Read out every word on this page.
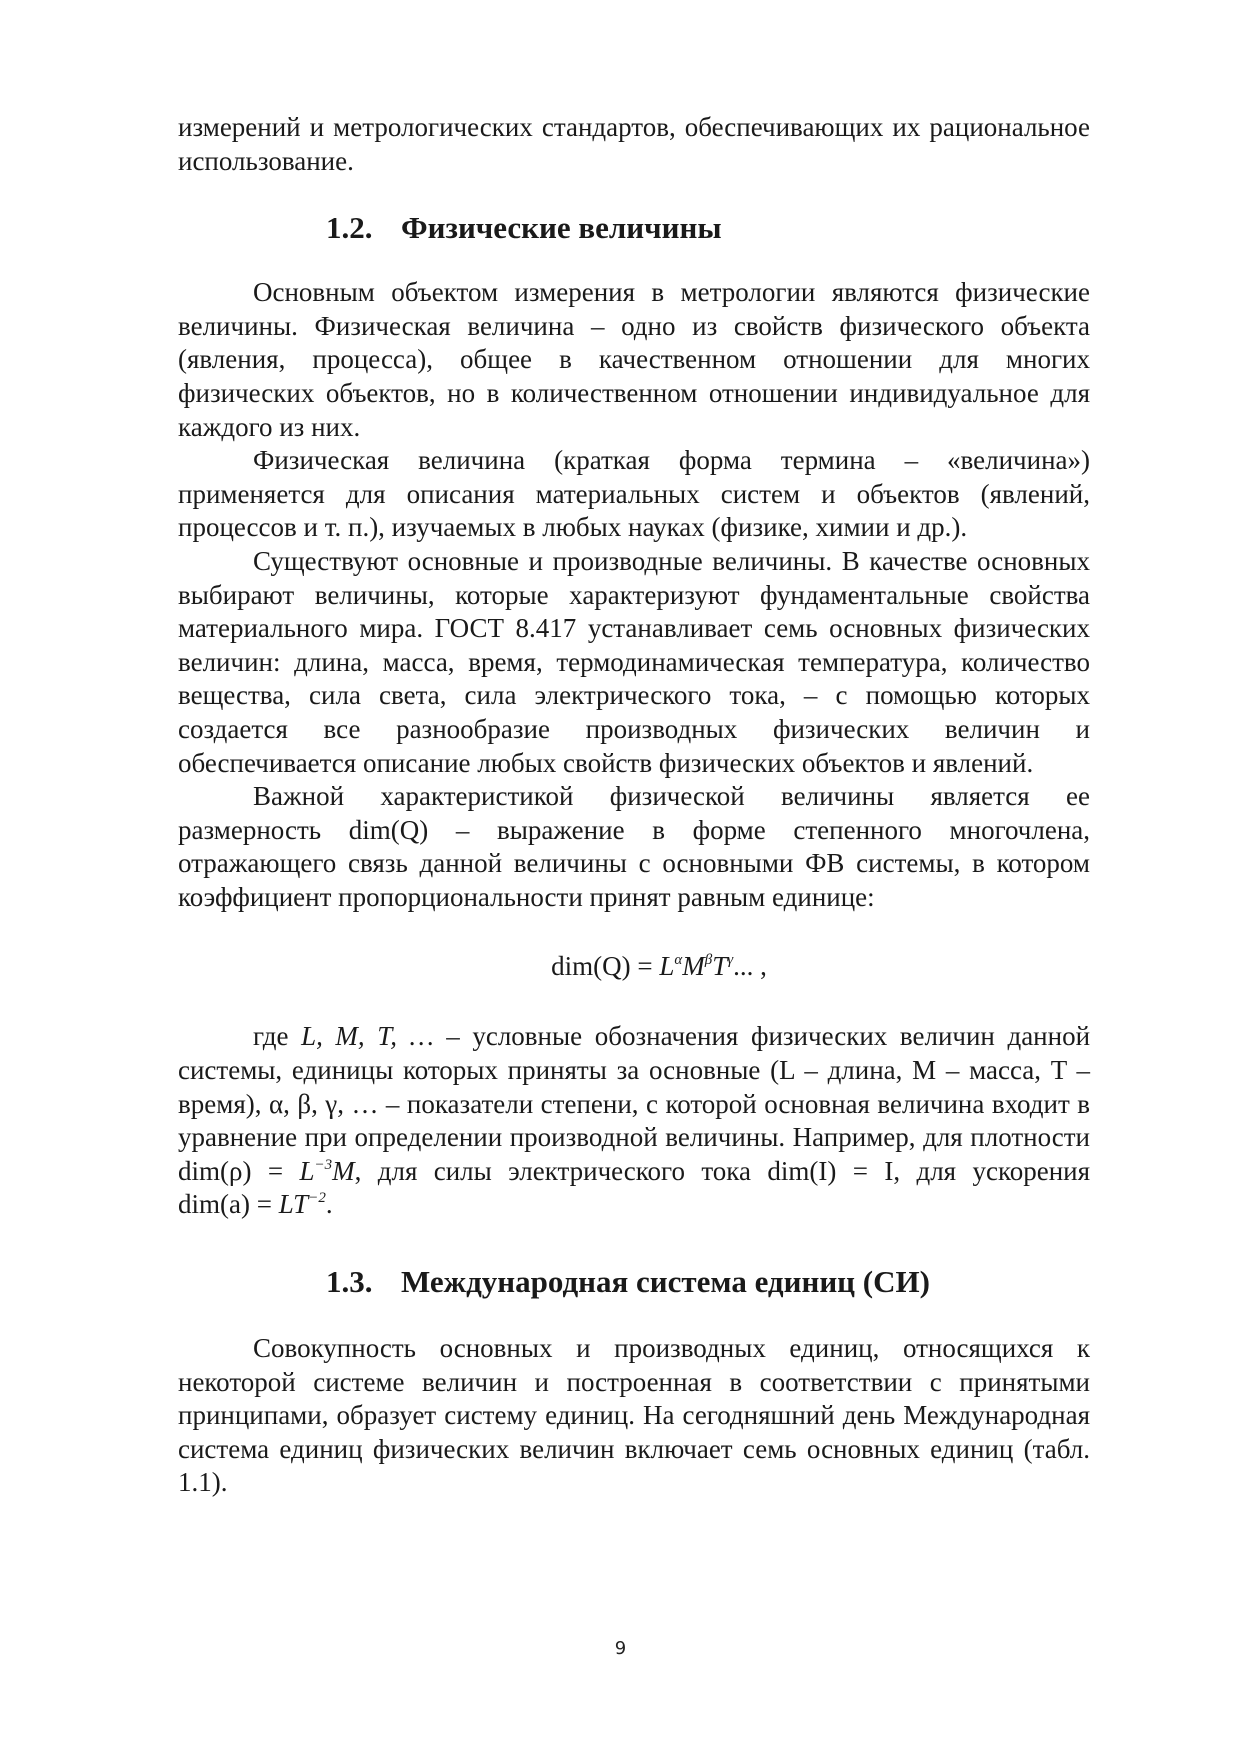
измерений и метрологических стандартов, обеспечивающих их рациональное использование.

1.2. Физические величины

Основным объектом измерения в метрологии являются физические величины. Физическая величина – одно из свойств физического объекта (явления, процесса), общее в качественном отношении для многих физических объектов, но в количественном отношении индивидуальное для каждого из них.

Физическая величина (краткая форма термина – «величина») применяется для описания материальных систем и объектов (явлений, процессов и т. п.), изучаемых в любых науках (физике, химии и др.).

Существуют основные и производные величины. В качестве основных выбирают величины, которые характеризуют фундаментальные свойства материального мира. ГОСТ 8.417 устанавливает семь основных физических величин: длина, масса, время, термодинамическая температура, количество вещества, сила света, сила электрического тока, – с помощью которых создается все разнообразие производных физических величин и обеспечивается описание любых свойств физических объектов и явлений.

Важной характеристикой физической величины является ее размерность dim(Q) – выражение в форме степенного многочлена, отражающего связь данной величины с основными ФВ системы, в котором коэффициент пропорциональности принят равным единице:

$dim(Q) = L^\alpha M^\beta T^\gamma$... ,

где L, M, T, … – условные обозначения физических величин данной системы, единицы которых приняты за основные (L – длина, M – масса, T – время), α, β, γ, … – показатели степени, с которой основная величина входит в уравнение при определении производной величины. Например, для плотности $dim(\rho) = L^{-3}M$, для силы электрического тока dim(I) = I, для ускорения $dim(a) = LT^{-2}$.

1.3. Международная система единиц (СИ)

Совокупность основных и производных единиц, относящихся к некоторой системе величин и построенная в соответствии с принятыми принципами, образует систему единиц. На сегодняшний день Международная система единиц физических величин включает семь основных единиц (табл. 1.1).

9
